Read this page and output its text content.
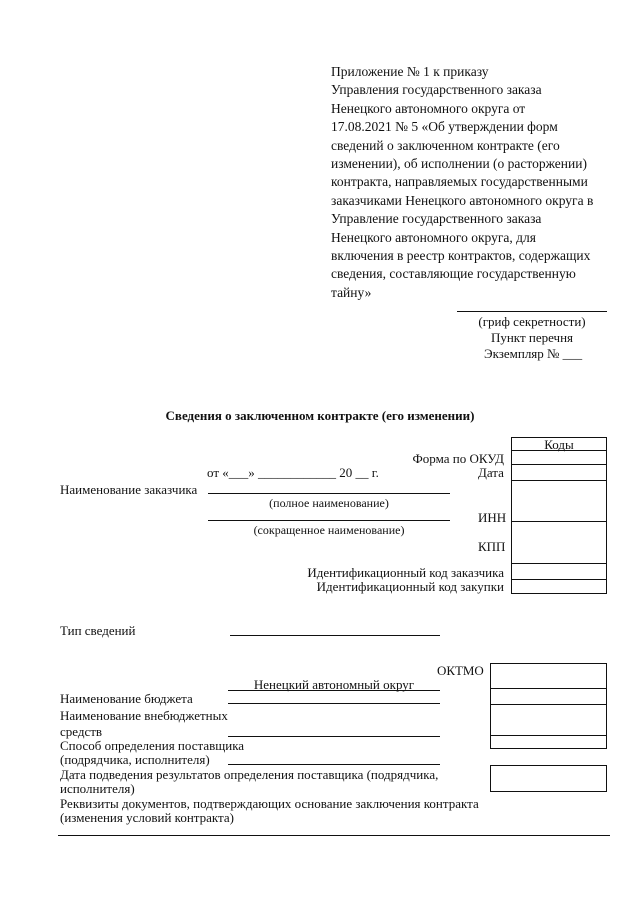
Приложение № 1 к приказу
Управления государственного заказа
Ненецкого автономного округа от
17.08.2021 № 5 «Об утверждении форм
сведений о заключенном контракте (его
изменении), об исполнении (о расторжении)
контракта, направляемых государственными
заказчиками Ненецкого автономного округа в
Управление государственного заказа
Ненецкого автономного округа, для
включения в реестр контрактов, содержащих
сведения, составляющие государственную
тайну»
(гриф секретности)
Пункт перечня
Экземпляр № ___
Сведения о заключенном контракте (его изменении)
Коды
Форма по ОКУД
от «___» ____________ 20 __ г.	Дата
Наименование заказчика
(полное наименование)
(сокращенное наименование)
ИНН
КПП
Идентификационный код заказчика
Идентификационный код закупки
Тип сведений
ОКТМО
Ненецкий автономный округ
Наименование бюджета
Наименование внебюджетных
средств
Способ определения поставщика
(подрядчика, исполнителя)
Дата подведения результатов определения поставщика (подрядчика,
исполнителя)
Реквизиты документов, подтверждающих основание заключения контракта
(изменения условий контракта)
